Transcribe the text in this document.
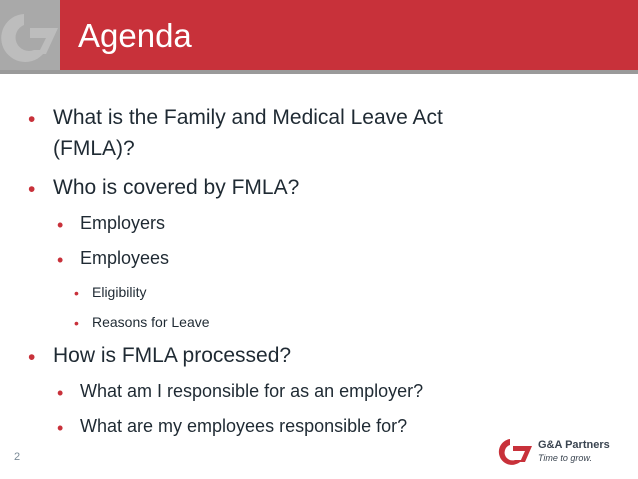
Agenda
• What is the Family and Medical Leave Act
(FMLA)?
• Who is covered by FMLA?
• Employers
• Employees
• Eligibility
• Reasons for Leave
• How is FMLA processed?
• What am I responsible for as an employer?
• What are my employees responsible for?
2
G&A Partners
Time to grow.
